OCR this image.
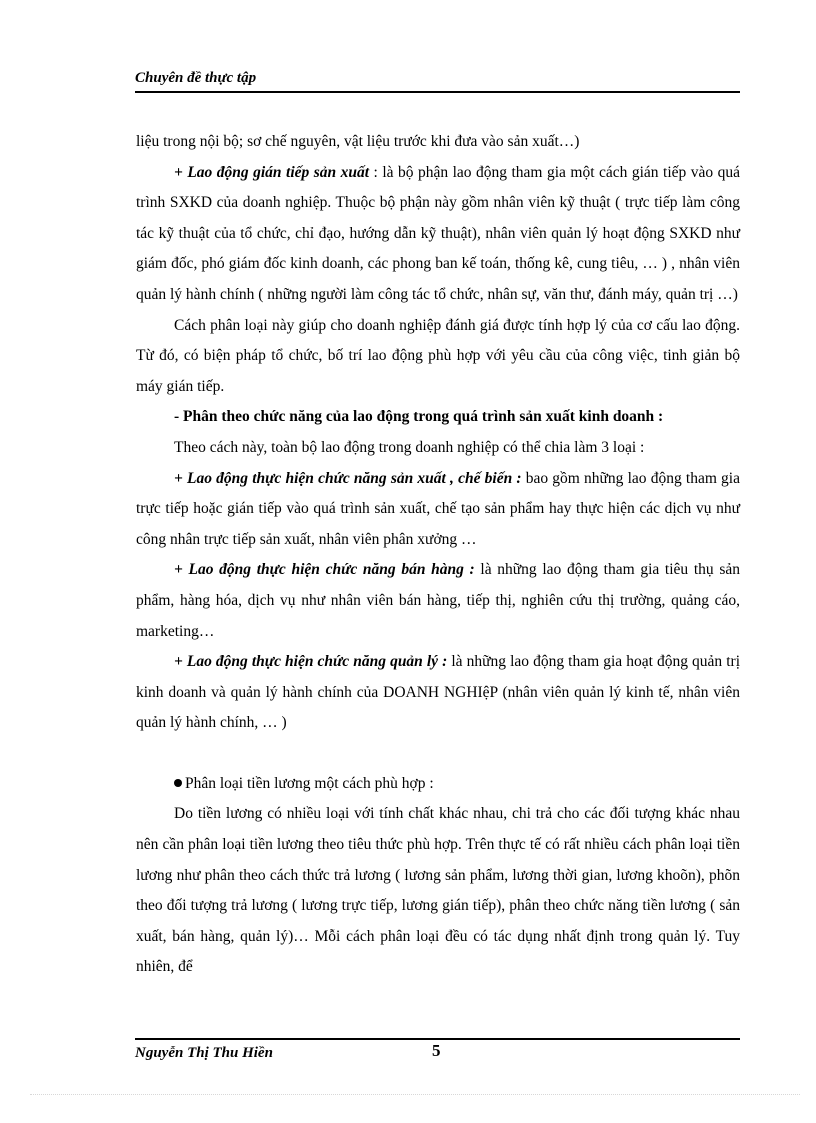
Chuyên đề thực tập

liệu trong nội bộ; sơ chế nguyên, vật liệu trước khi đưa vào sản xuất…)

+ Lao động gián tiếp sản xuất : là bộ phận lao động tham gia một cách gián tiếp vào quá trình SXKD của doanh nghiệp. Thuộc bộ phận này gồm nhân viên kỹ thuật ( trực tiếp làm công tác kỹ thuật của tổ chức, chỉ đạo, hướng dẫn kỹ thuật), nhân viên quản lý hoạt động SXKD như giám đốc, phó giám đốc kinh doanh, các phong ban kế toán, thống kê, cung tiêu, … ) , nhân viên quản lý hành chính ( những người làm công tác tổ chức, nhân sự, văn thư, đánh máy, quản trị …)

Cách phân loại này giúp cho doanh nghiệp đánh giá được tính hợp lý của cơ cấu lao động. Từ đó, có biện pháp tổ chức, bố trí lao động phù hợp với yêu cầu của công việc, tinh giản bộ máy gián tiếp.

- Phân theo chức năng của lao động trong quá trình sản xuất kinh doanh :

Theo cách này, toàn bộ lao động trong doanh nghiệp có thể chia làm 3 loại :

+ Lao động thực hiện chức năng sản xuất , chế biến : bao gồm những lao động tham gia trực tiếp hoặc gián tiếp vào quá trình sản xuất, chế tạo sản phẩm hay thực hiện các dịch vụ như công nhân trực tiếp sản xuất, nhân viên phân xưởng …

+ Lao động thực hiện chức năng bán hàng : là những lao động tham gia tiêu thụ sản phẩm, hàng hóa, dịch vụ như nhân viên bán hàng, tiếp thị, nghiên cứu thị trường, quảng cáo, marketing…

+ Lao động thực hiện chức năng quản lý : là những lao động tham gia hoạt động quản trị kinh doanh và quản lý hành chính của DOANH NGHIệP (nhân viên quản lý kinh tế, nhân viên quản lý hành chính, … )

Phân loại tiền lương một cách phù hợp :

Do tiền lương có nhiều loại với tính chất khác nhau, chi trả cho các đối tượng khác nhau nên cần phân loại tiền lương theo tiêu thức phù hợp. Trên thực tế có rất nhiều cách phân loại tiền lương như phân theo cách thức trả lương ( lương sản phẩm, lương thời gian, lương khoõn), phõn theo đối tượng trả lương ( lương trực tiếp, lương gián tiếp), phân theo chức năng tiền lương ( sản xuất, bán hàng, quản lý)… Mỗi cách phân loại đều có tác dụng nhất định trong quản lý. Tuy nhiên, để

Nguyễn Thị Thu Hiền	5
